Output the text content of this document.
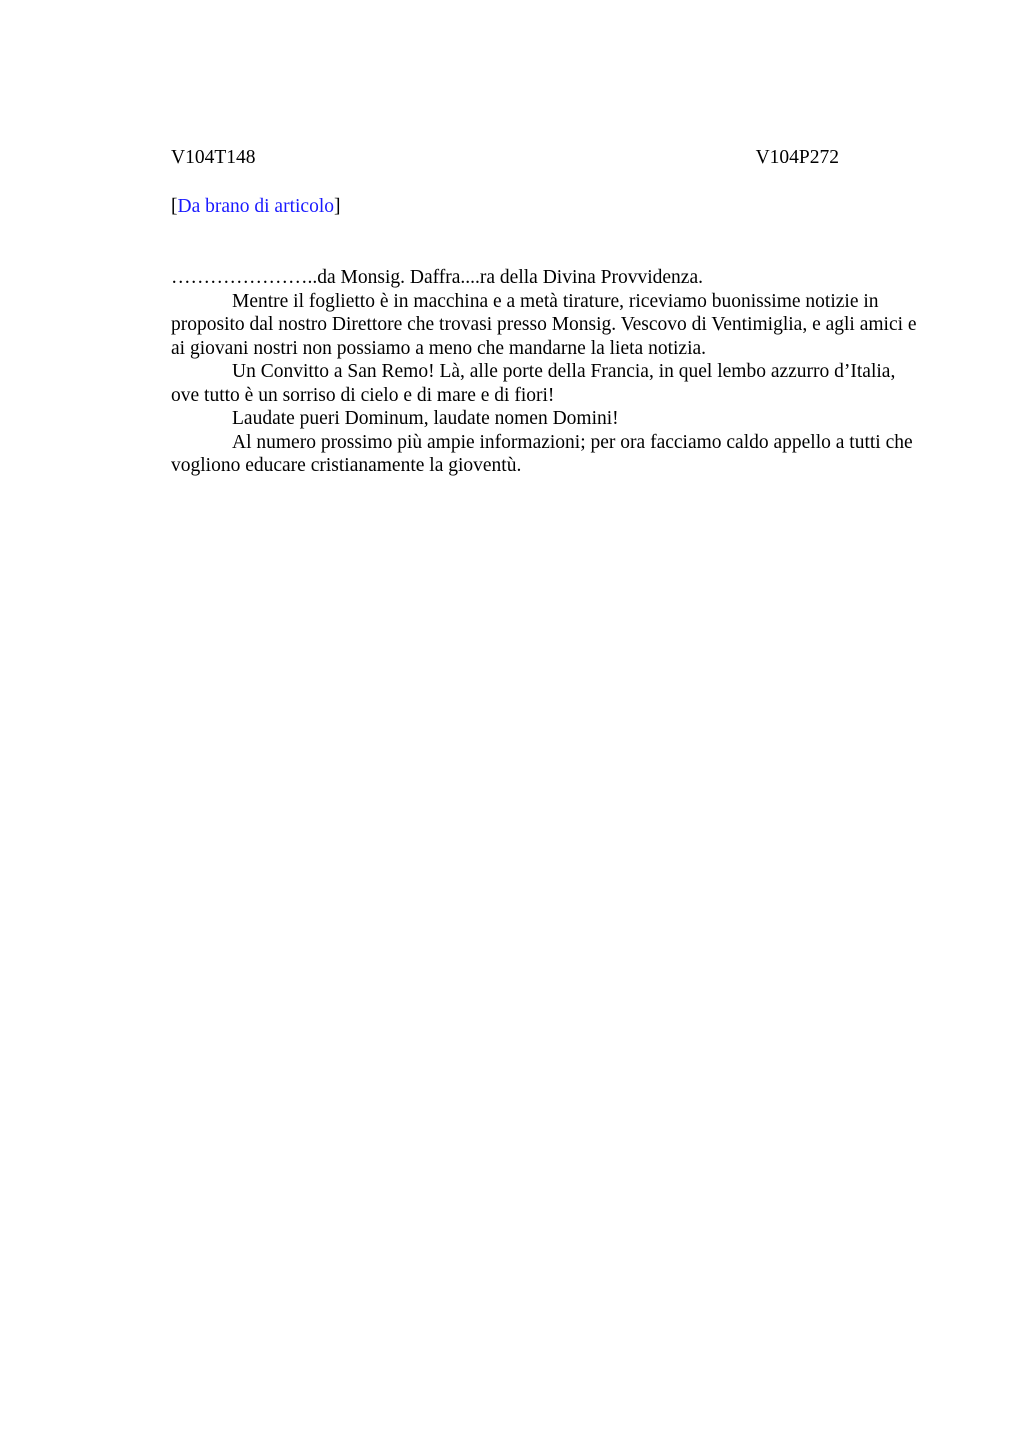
V104T148	V104P272
[Da brano di articolo]

…………………..da Monsig. Daffra....ra della Divina Provvidenza.

Mentre il foglietto è in macchina e a metà tirature, riceviamo buonissime notizie in proposito dal nostro Direttore che trovasi presso Monsig. Vescovo di Ventimiglia, e agli amici e ai giovani nostri non possiamo a meno che mandarne la lieta notizia.

Un Convitto a San Remo! Là, alle porte della Francia, in quel lembo azzurro d’Italia, ove tutto è un sorriso di cielo e di mare e di fiori!

Laudate pueri Dominum, laudate nomen Domini!

Al numero prossimo più ampie informazioni; per ora facciamo caldo appello a tutti che vogliono educare cristianamente la gioventù.
